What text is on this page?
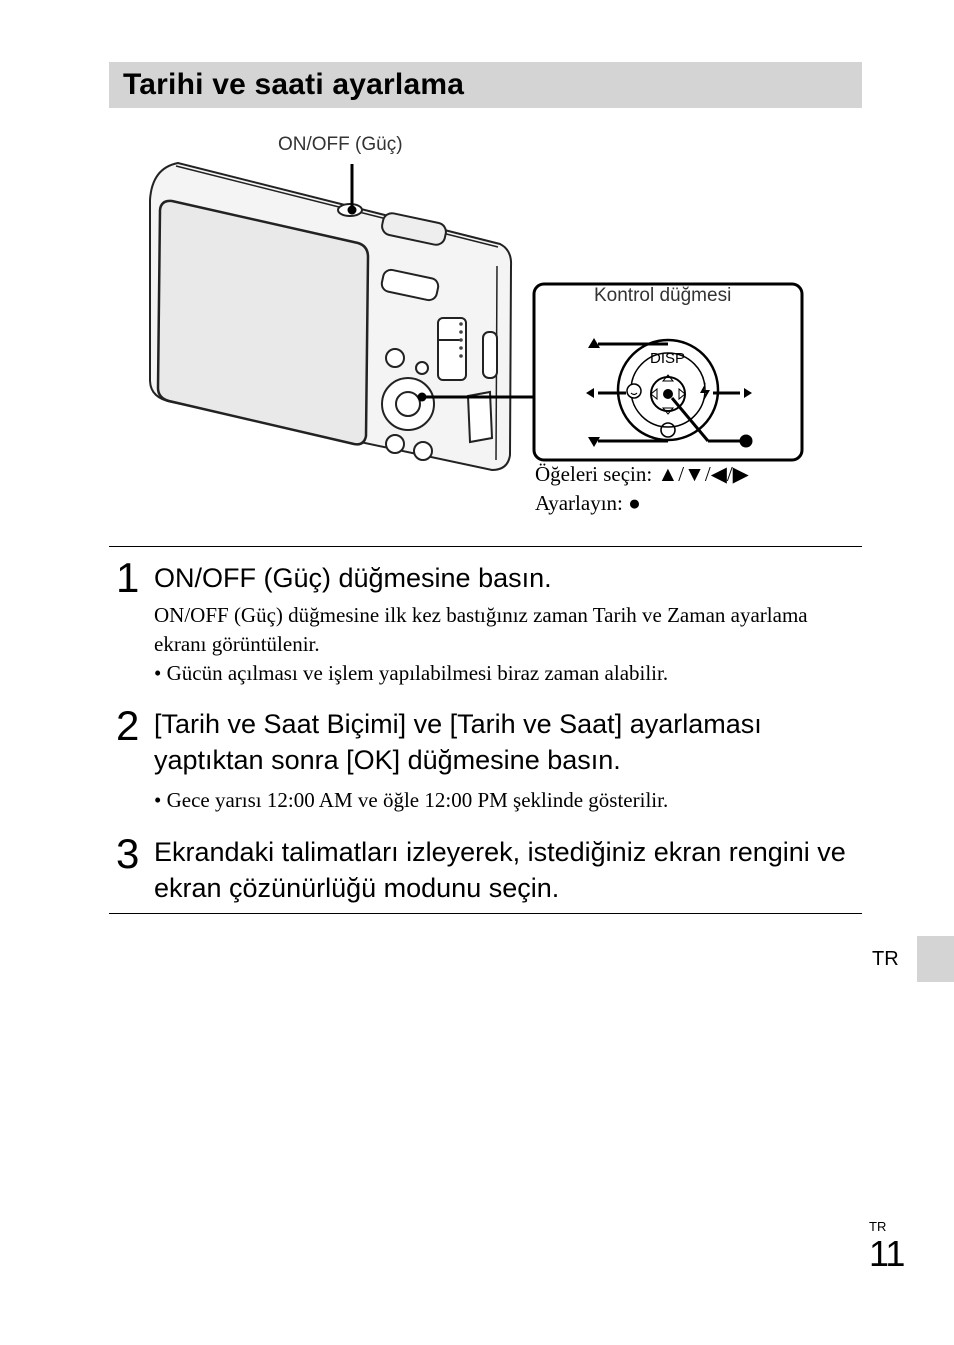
Tarihi ve saati ayarlama
ON/OFF (Güç)
Kontrol düğmesi
DISP
Öğeleri seçin: ▲/▼/◀/▶
Ayarlayın: ●
1 ON/OFF (Güç) düğmesine basın.
ON/OFF (Güç) düğmesine ilk kez bastığınız zaman Tarih ve Zaman ayarlama ekranı görüntülenir.
• Gücün açılması ve işlem yapılabilmesi biraz zaman alabilir.
2 [Tarih ve Saat Biçimi] ve [Tarih ve Saat] ayarlaması yaptıktan sonra [OK] düğmesine basın.
• Gece yarısı 12:00 AM ve öğle 12:00 PM şeklinde gösterilir.
3 Ekrandaki talimatları izleyerek, istediğiniz ekran rengini ve ekran çözünürlüğü modunu seçin.
TR
TR
11
